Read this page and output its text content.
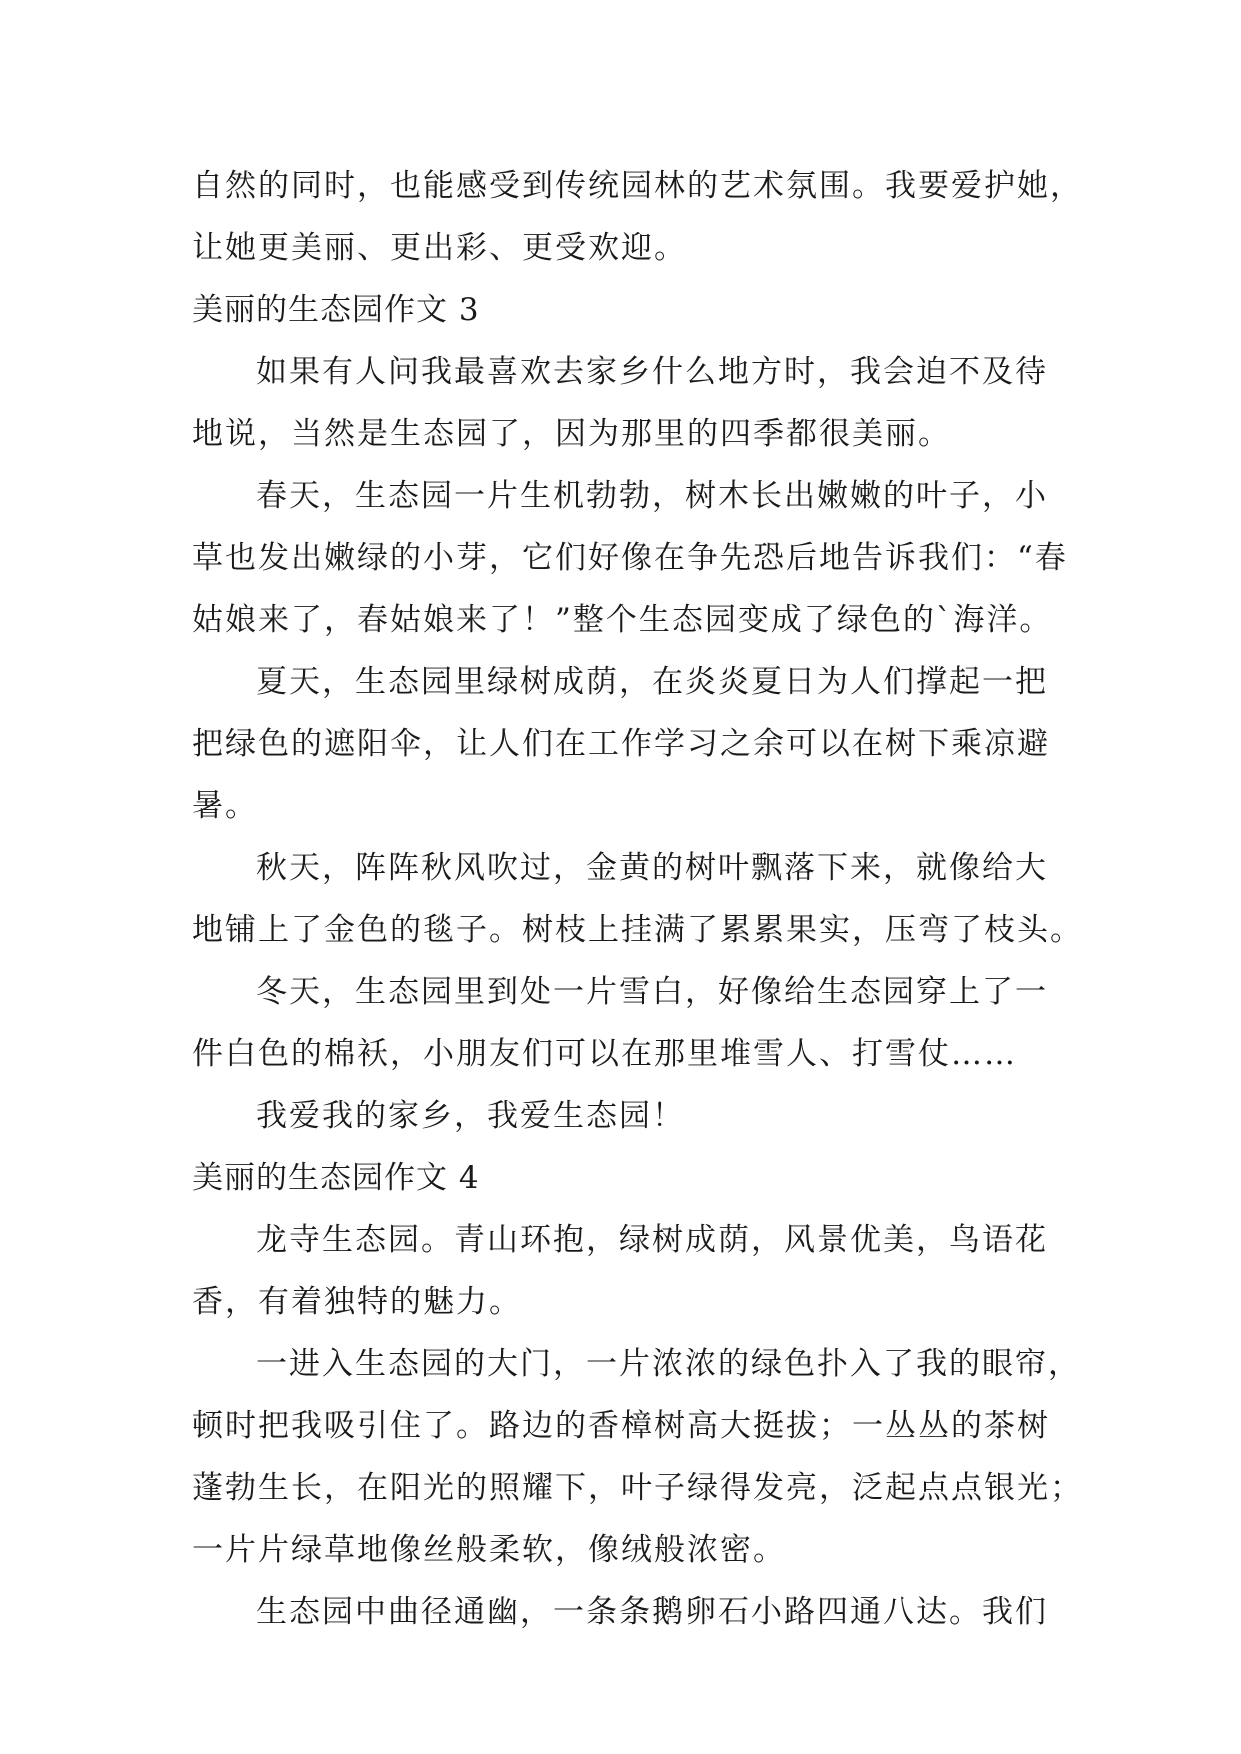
自然的同时，也能感受到传统园林的艺术氛围。我要爱护她，
让她更美丽、更出彩、更受欢迎。
美丽的生态园作文 3
如果有人问我最喜欢去家乡什么地方时，我会迫不及待
地说，当然是生态园了，因为那里的四季都很美丽。
春天，生态园一片生机勃勃，树木长出嫩嫩的叶子，小
草也发出嫩绿的小芽，它们好像在争先恐后地告诉我们：“春
姑娘来了，春姑娘来了！”整个生态园变成了绿色的`海洋。
夏天，生态园里绿树成荫，在炎炎夏日为人们撑起一把
把绿色的遮阳伞，让人们在工作学习之余可以在树下乘凉避
暑。
秋天，阵阵秋风吹过，金黄的树叶飘落下来，就像给大
地铺上了金色的毯子。树枝上挂满了累累果实，压弯了枝头。
冬天，生态园里到处一片雪白，好像给生态园穿上了一
件白色的棉袄，小朋友们可以在那里堆雪人、打雪仗……
我爱我的家乡，我爱生态园！
美丽的生态园作文 4
龙寺生态园。青山环抱，绿树成荫，风景优美，鸟语花
香，有着独特的魅力。
一进入生态园的大门，一片浓浓的绿色扑入了我的眼帘，
顿时把我吸引住了。路边的香樟树高大挺拔；一丛丛的茶树
蓬勃生长，在阳光的照耀下，叶子绿得发亮，泛起点点银光；
一片片绿草地像丝般柔软，像绒般浓密。
生态园中曲径通幽，一条条鹅卵石小路四通八达。我们
